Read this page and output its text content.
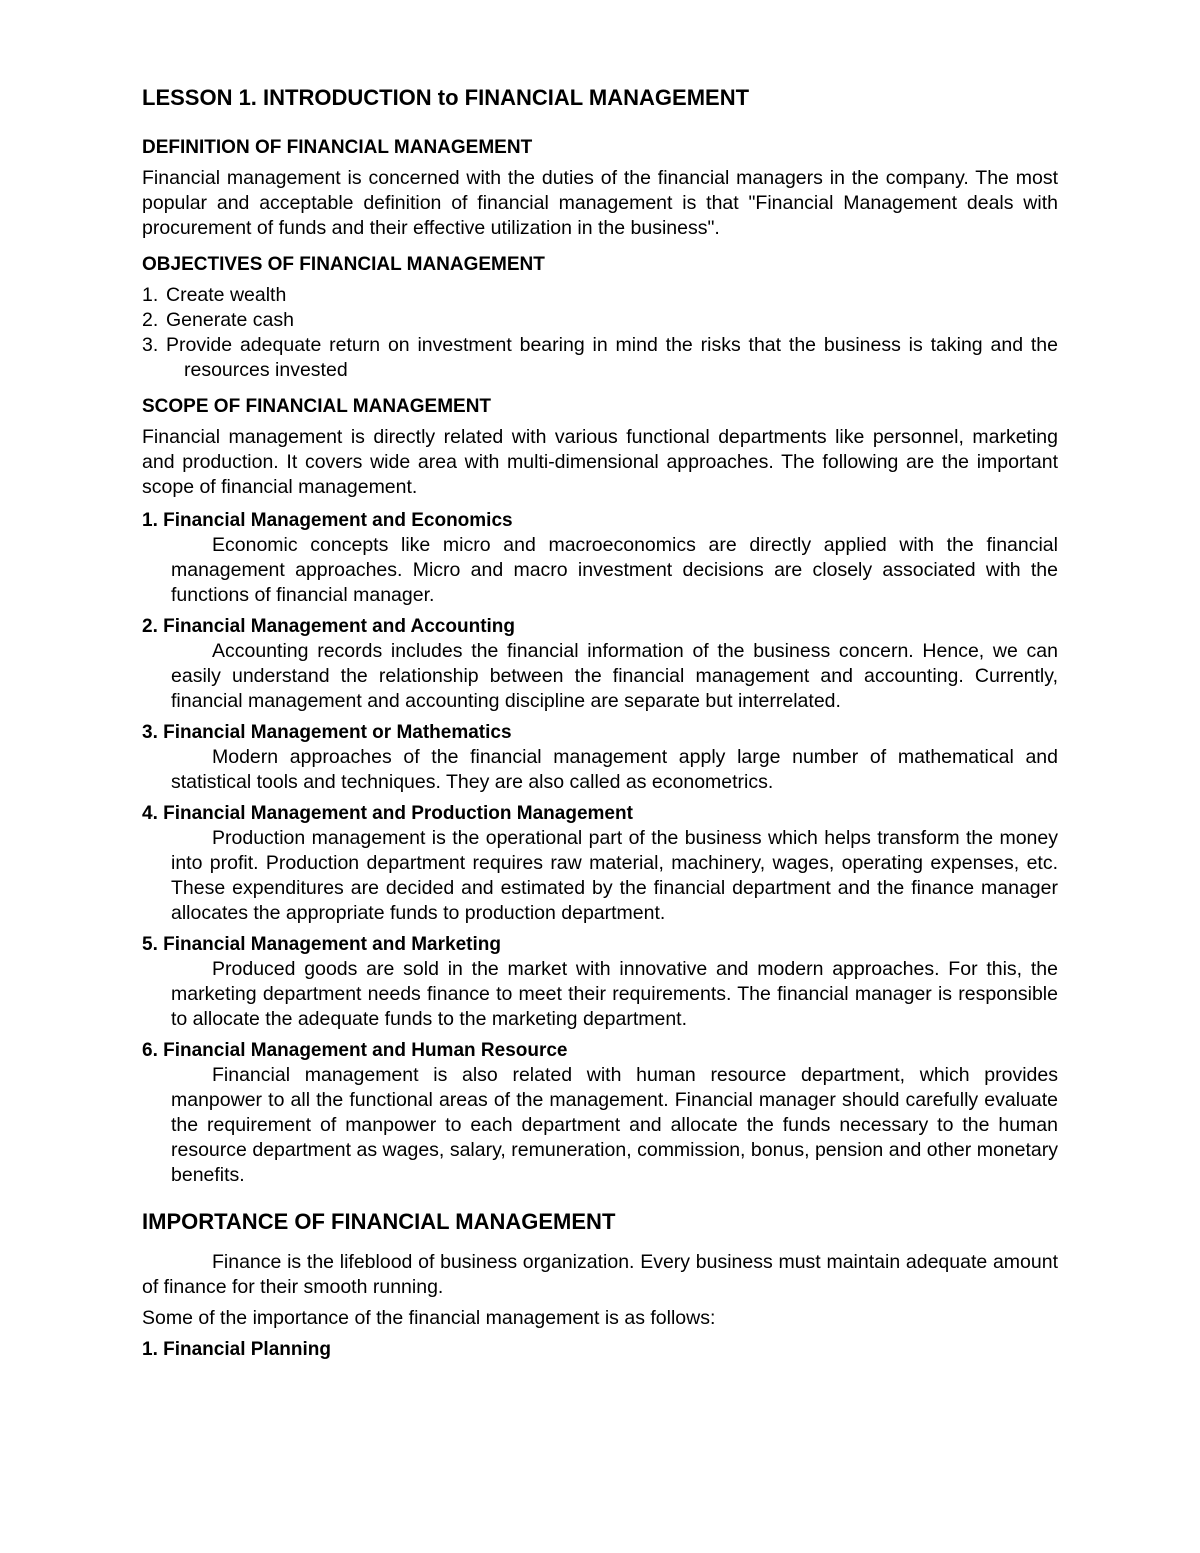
LESSON 1. INTRODUCTION to FINANCIAL MANAGEMENT
DEFINITION OF FINANCIAL MANAGEMENT

Financial management is concerned with the duties of the financial managers in the company. The most popular and acceptable definition of financial management is that "Financial Management deals with procurement of funds and their effective utilization in the business".

OBJECTIVES OF FINANCIAL MANAGEMENT
1. Create wealth
2. Generate cash
3. Provide adequate return on investment bearing in mind the risks that the business is taking and the resources invested
SCOPE OF FINANCIAL MANAGEMENT

Financial management is directly related with various functional departments like personnel, marketing and production. It covers wide area with multi-dimensional approaches. The following are the important scope of financial management.

1. Financial Management and Economics

Economic concepts like micro and macroeconomics are directly applied with the financial management approaches. Micro and macro investment decisions are closely associated with the functions of financial manager.

2. Financial Management and Accounting

Accounting records includes the financial information of the business concern. Hence, we can easily understand the relationship between the financial management and accounting. Currently, financial management and accounting discipline are separate but interrelated.

3. Financial Management or Mathematics

Modern approaches of the financial management apply large number of mathematical and statistical tools and techniques. They are also called as econometrics.

4. Financial Management and Production Management

Production management is the operational part of the business which helps transform the money into profit. Production department requires raw material, machinery, wages, operating expenses, etc. These expenditures are decided and estimated by the financial department and the finance manager allocates the appropriate funds to production department.

5. Financial Management and Marketing

Produced goods are sold in the market with innovative and modern approaches. For this, the marketing department needs finance to meet their requirements. The financial manager is responsible to allocate the adequate funds to the marketing department.

6. Financial Management and Human Resource

Financial management is also related with human resource department, which provides manpower to all the functional areas of the management. Financial manager should carefully evaluate the requirement of manpower to each department and allocate the funds necessary to the human resource department as wages, salary, remuneration, commission, bonus, pension and other monetary benefits.

IMPORTANCE OF FINANCIAL MANAGEMENT

Finance is the lifeblood of business organization. Every business must maintain adequate amount of finance for their smooth running.

Some of the importance of the financial management is as follows:

1. Financial Planning
